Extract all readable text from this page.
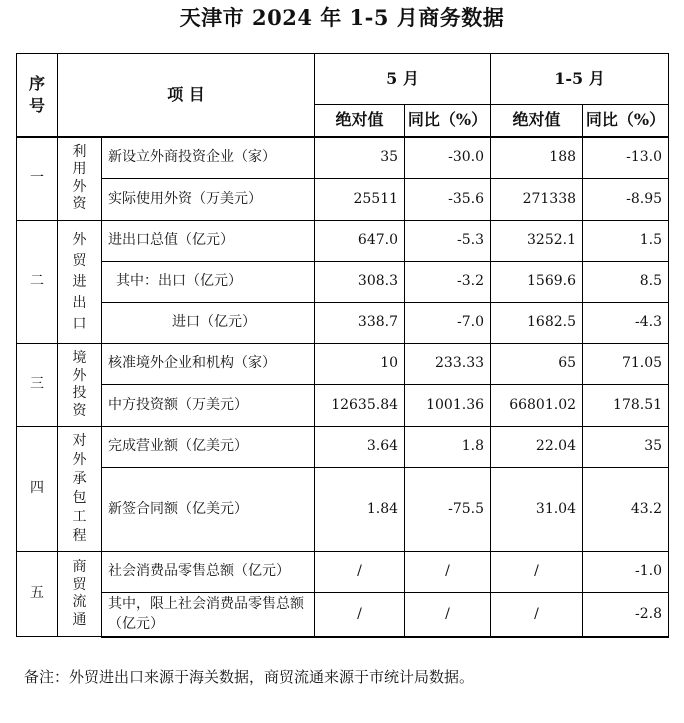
天津市 2024 年 1-5 月商务数据
序号	项 目		5 月		1-5 月	
			绝对值	同比（%）	绝对值	同比（%）
一	利用外资	新设立外商投资企业（家）	35	-30.0	188	-13.0
		实际使用外资（万美元）	25511	-35.6	271338	-8.95
二	外贸进出口	进出口总值（亿元）	647.0	-5.3	3252.1	1.5
		其中：出口（亿元）	308.3	-3.2	1569.6	8.5
		进口（亿元）	338.7	-7.0	1682.5	-4.3
三	境外投资	核准境外企业和机构（家）	10	233.33	65	71.05
		中方投资额（万美元）	12635.84	1001.36	66801.02	178.51
四	对外承包工程	完成营业额（亿美元）	3.64	1.8	22.04	35
		新签合同额（亿美元）	1.84	-75.5	31.04	43.2
五	商贸流通	社会消费品零售总额（亿元）	/	/	/	-1.0
		其中，限上社会消费品零售总额（亿元）	/	/	/	-2.8
备注：外贸进出口来源于海关数据，商贸流通来源于市统计局数据。
